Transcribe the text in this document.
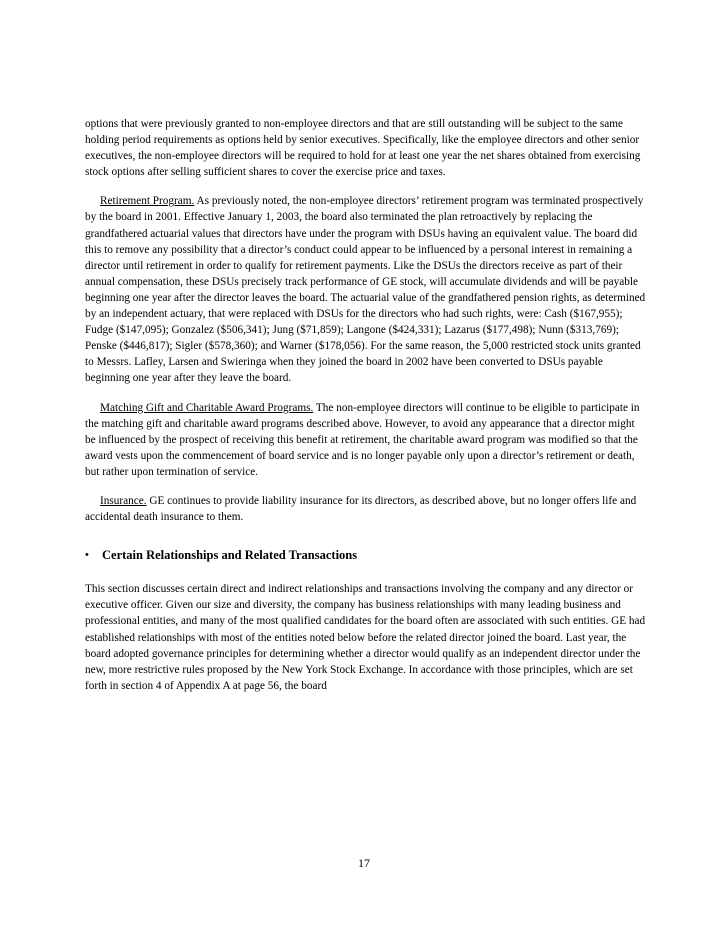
options that were previously granted to non-employee directors and that are still outstanding will be subject to the same holding period requirements as options held by senior executives. Specifically, like the employee directors and other senior executives, the non-employee directors will be required to hold for at least one year the net shares obtained from exercising stock options after selling sufficient shares to cover the exercise price and taxes.

Retirement Program. As previously noted, the non-employee directors’ retirement program was terminated prospectively by the board in 2001. Effective January 1, 2003, the board also terminated the plan retroactively by replacing the grandfathered actuarial values that directors have under the program with DSUs having an equivalent value. The board did this to remove any possibility that a director’s conduct could appear to be influenced by a personal interest in remaining a director until retirement in order to qualify for retirement payments. Like the DSUs the directors receive as part of their annual compensation, these DSUs precisely track performance of GE stock, will accumulate dividends and will be payable beginning one year after the director leaves the board. The actuarial value of the grandfathered pension rights, as determined by an independent actuary, that were replaced with DSUs for the directors who had such rights, were: Cash ($167,955); Fudge ($147,095); Gonzalez ($506,341); Jung ($71,859); Langone ($424,331); Lazarus ($177,498); Nunn ($313,769); Penske ($446,817); Sigler ($578,360); and Warner ($178,056). For the same reason, the 5,000 restricted stock units granted to Messrs. Lafley, Larsen and Swieringa when they joined the board in 2002 have been converted to DSUs payable beginning one year after they leave the board.

Matching Gift and Charitable Award Programs. The non-employee directors will continue to be eligible to participate in the matching gift and charitable award programs described above. However, to avoid any appearance that a director might be influenced by the prospect of receiving this benefit at retirement, the charitable award program was modified so that the award vests upon the commencement of board service and is no longer payable only upon a director’s retirement or death, but rather upon termination of service.

Insurance. GE continues to provide liability insurance for its directors, as described above, but no longer offers life and accidental death insurance to them.

•	Certain Relationships and Related Transactions

This section discusses certain direct and indirect relationships and transactions involving the company and any director or executive officer. Given our size and diversity, the company has business relationships with many leading business and professional entities, and many of the most qualified candidates for the board often are associated with such entities. GE had established relationships with most of the entities noted below before the related director joined the board. Last year, the board adopted governance principles for determining whether a director would qualify as an independent director under the new, more restrictive rules proposed by the New York Stock Exchange. In accordance with those principles, which are set forth in section 4 of Appendix A at page 56, the board

17
